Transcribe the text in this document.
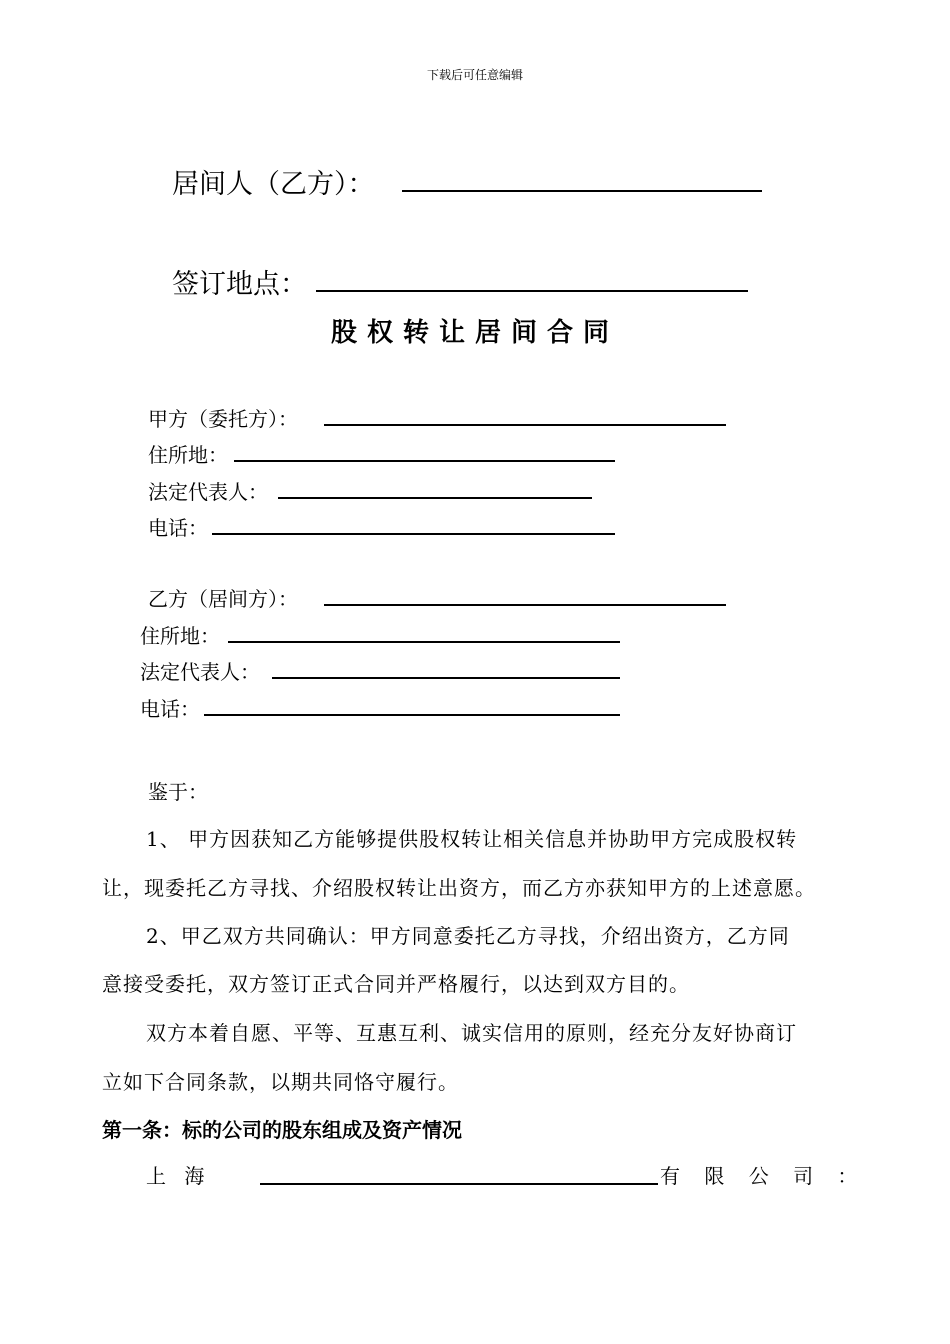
下载后可任意编辑
居间人（乙方）：
签订地点：
股权转让居间合同
甲方（委托方）：
住所地：
法定代表人：
电话：
乙方（居间方）：
住所地：
法定代表人：
电话：
鉴于：
1、 甲方因获知乙方能够提供股权转让相关信息并协助甲方完成股权转
让，现委托乙方寻找、介绍股权转让出资方，而乙方亦获知甲方的上述意愿。
2、甲乙双方共同确认：甲方同意委托乙方寻找，介绍出资方，乙方同
意接受委托，双方签订正式合同并严格履行，以达到双方目的。
双方本着自愿、平等、互惠互利、诚实信用的原则，经充分友好协商订
立如下合同条款，以期共同恪守履行。
第一条：标的公司的股东组成及资产情况
上 海	有 限 公 司 ：
